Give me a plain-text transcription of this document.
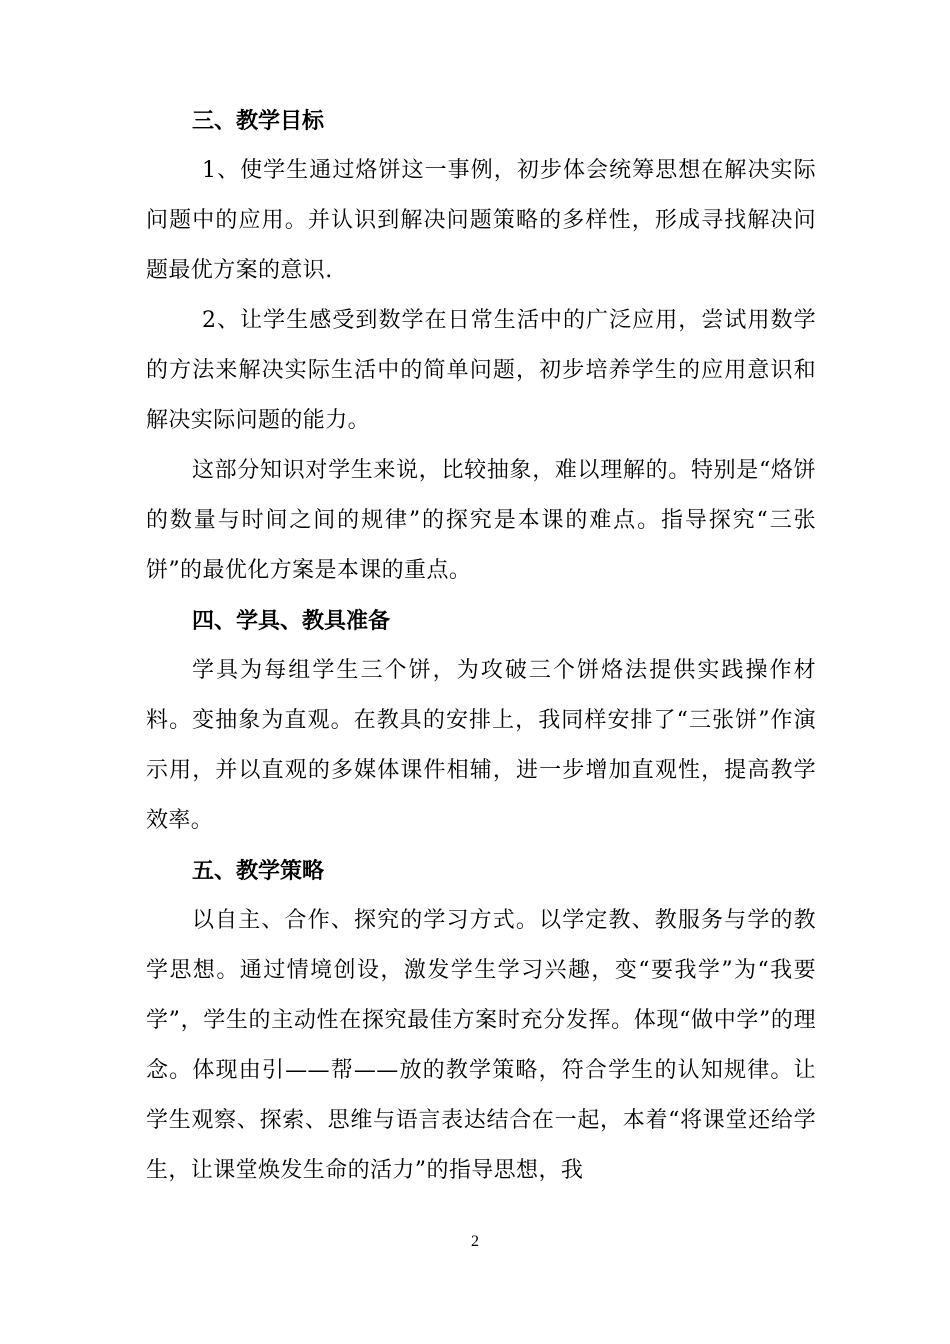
三、教学目标

1、使学生通过烙饼这一事例，初步体会统筹思想在解决实际问题中的应用。并认识到解决问题策略的多样性，形成寻找解决问题最优方案的意识.

2、让学生感受到数学在日常生活中的广泛应用，尝试用数学的方法来解决实际生活中的简单问题，初步培养学生的应用意识和解决实际问题的能力。

这部分知识对学生来说，比较抽象，难以理解的。特别是“烙饼的数量与时间之间的规律”的探究是本课的难点。指导探究“三张饼”的最优化方案是本课的重点。

四、学具、教具准备

学具为每组学生三个饼，为攻破三个饼烙法提供实践操作材料。变抽象为直观。在教具的安排上，我同样安排了“三张饼”作演示用，并以直观的多媒体课件相辅，进一步增加直观性，提高教学效率。

五、教学策略

以自主、合作、探究的学习方式。以学定教、教服务与学的教学思想。通过情境创设，激发学生学习兴趣，变“要我学”为“我要学”，学生的主动性在探究最佳方案时充分发挥。体现“做中学”的理念。体现由引——帮——放的教学策略，符合学生的认知规律。让学生观察、探索、思维与语言表达结合在一起，本着“将课堂还给学生，让课堂焕发生命的活力”的指导思想，我

2
